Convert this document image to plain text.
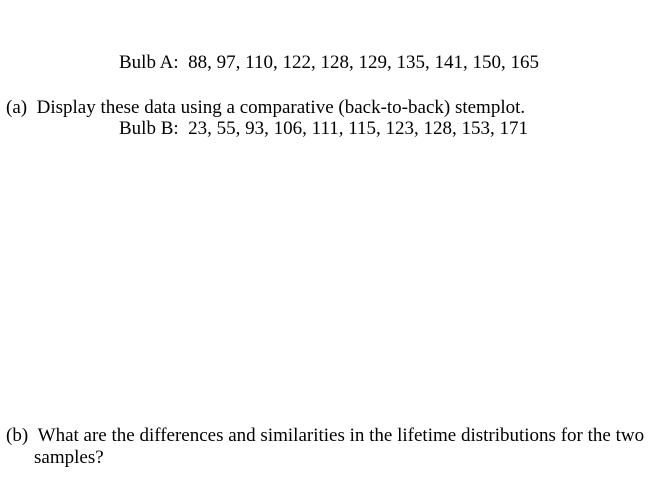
Bulb A:  88, 97, 110, 122, 128, 129, 135, 141, 150, 165

Bulb B:  23, 55, 93, 106, 111, 115, 123, 128, 153, 171

(a) Display these data using a comparative (back-to-back) stemplot.
(b) What are the differences and similarities in the lifetime distributions for the two
samples?
